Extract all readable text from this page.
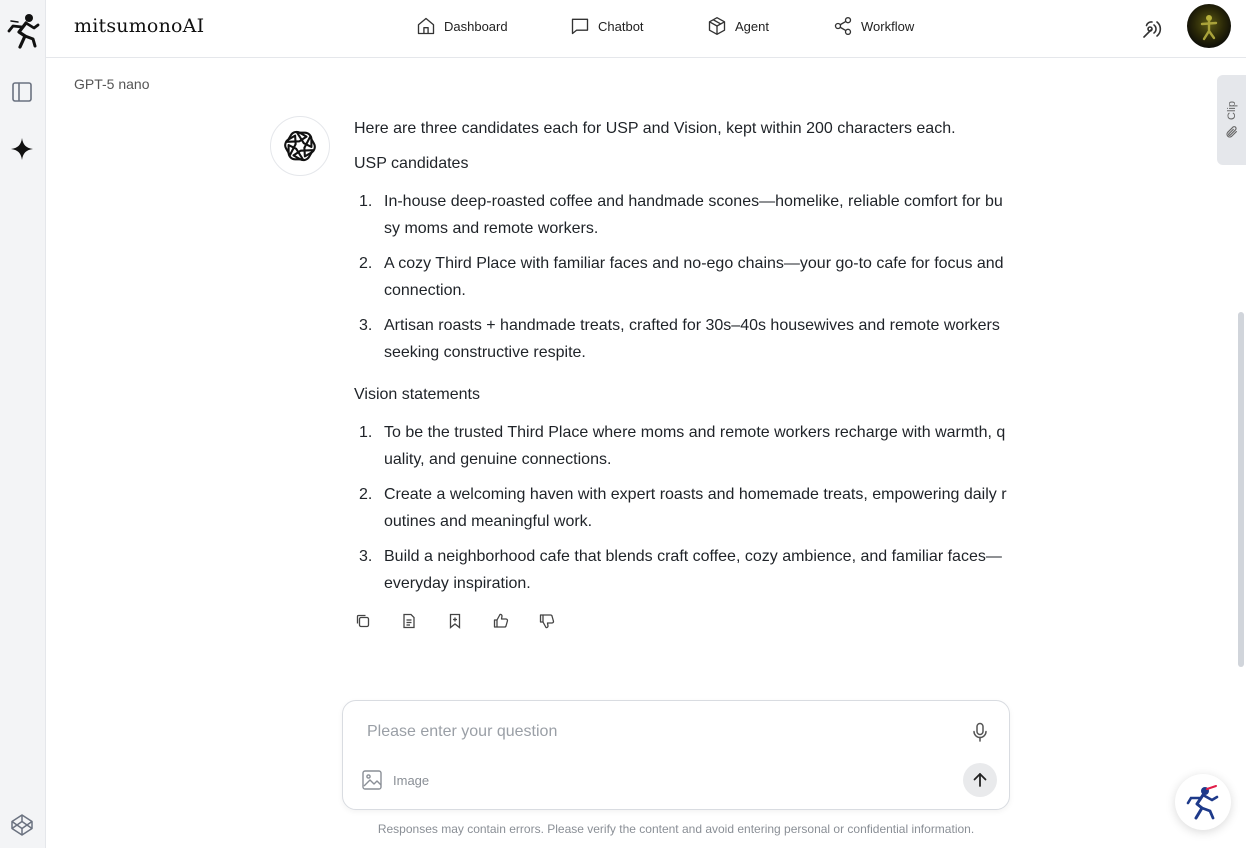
mitsumonoAI	Dashboard	Chatbot	Agent	Workflow
GPT-5 nano

Here are three candidates each for USP and Vision, kept within 200 characters each.

USP candidates

1. In-house deep-roasted coffee and handmade scones—homelike, reliable comfort for busy moms and remote workers.
2. A cozy Third Place with familiar faces and no-ego chains—your go-to cafe for focus and connection.
3. Artisan roasts + handmade treats, crafted for 30s–40s housewives and remote workers seeking constructive respite.

Vision statements

1. To be the trusted Third Place where moms and remote workers recharge with warmth, quality, and genuine connections.
2. Create a welcoming haven with expert roasts and homemade treats, empowering daily routines and meaningful work.
3. Build a neighborhood cafe that blends craft coffee, cozy ambience, and familiar faces—everyday inspiration.
Clip
Please enter your question
Image
Responses may contain errors. Please verify the content and avoid entering personal or confidential information.
